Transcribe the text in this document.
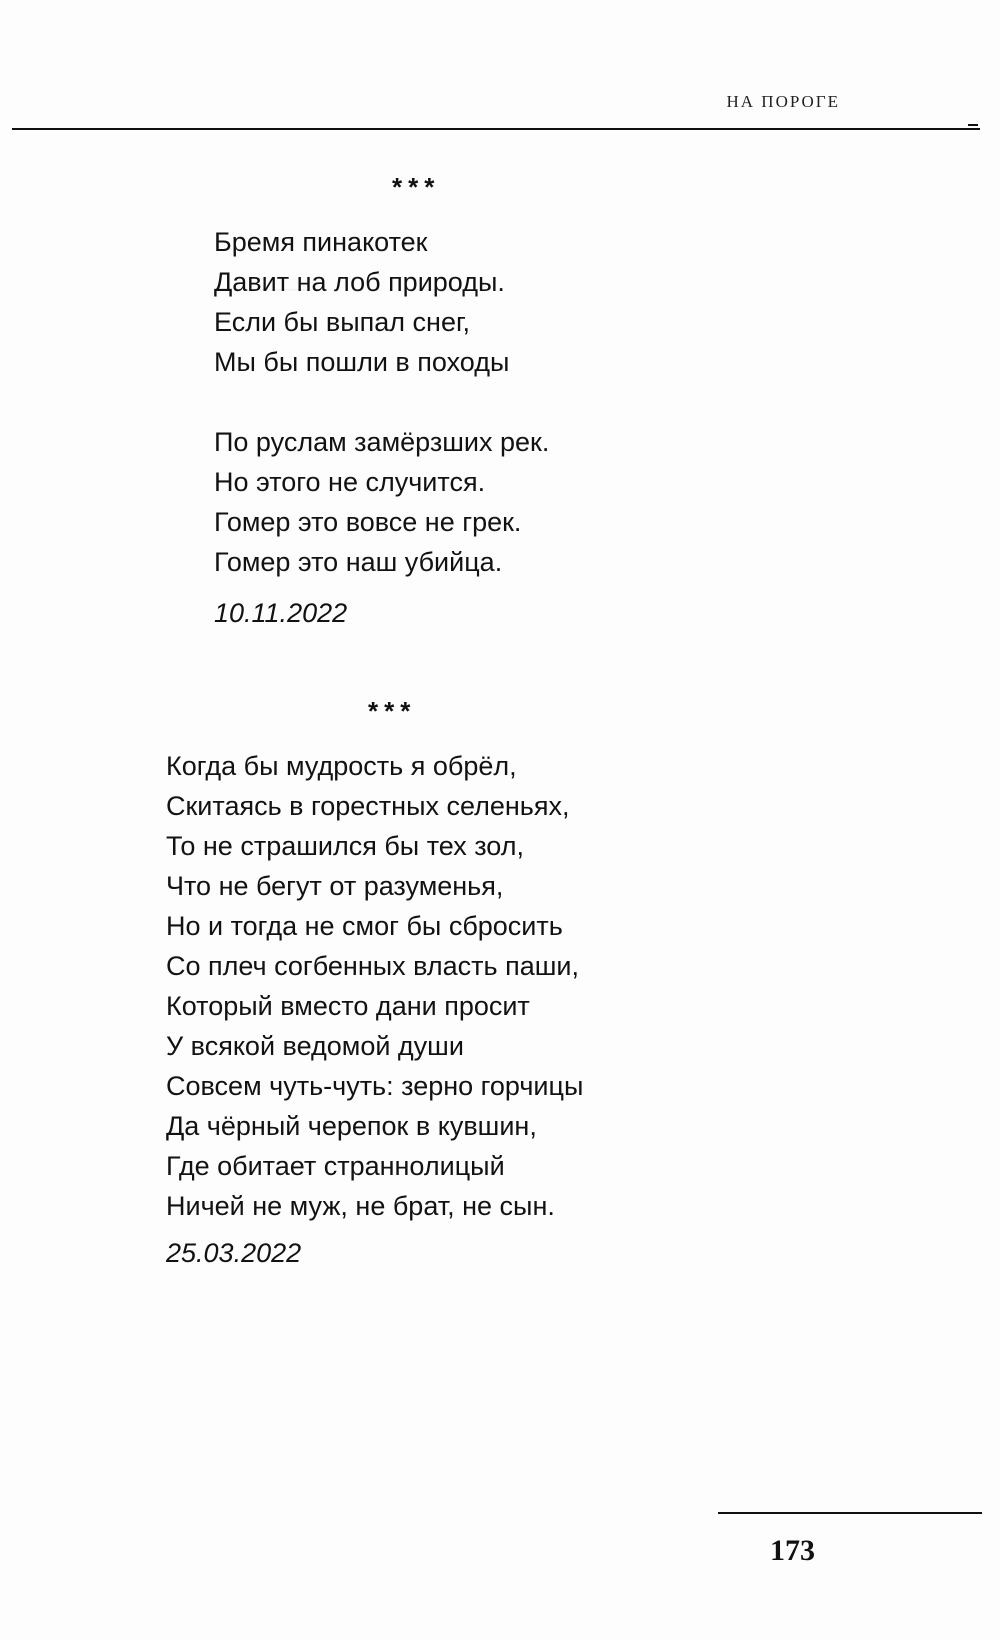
НА ПОРОГЕ
***
Бремя пинакотек
Давит на лоб природы.
Если бы выпал снег,
Мы бы пошли в походы
По руслам замёрзших рек.
Но этого не случится.
Гомер это вовсе не грек.
Гомер это наш убийца.
10.11.2022
***
Когда бы мудрость я обрёл,
Скитаясь в горестных селеньях,
То не страшился бы тех зол,
Что не бегут от разуменья,
Но и тогда не смог бы сбросить
Со плеч согбенных власть паши,
Который вместо дани просит
У всякой ведомой души
Совсем чуть-чуть: зерно горчицы
Да чёрный черепок в кувшин,
Где обитает страннолицый
Ничей не муж, не брат, не сын.
25.03.2022
173
